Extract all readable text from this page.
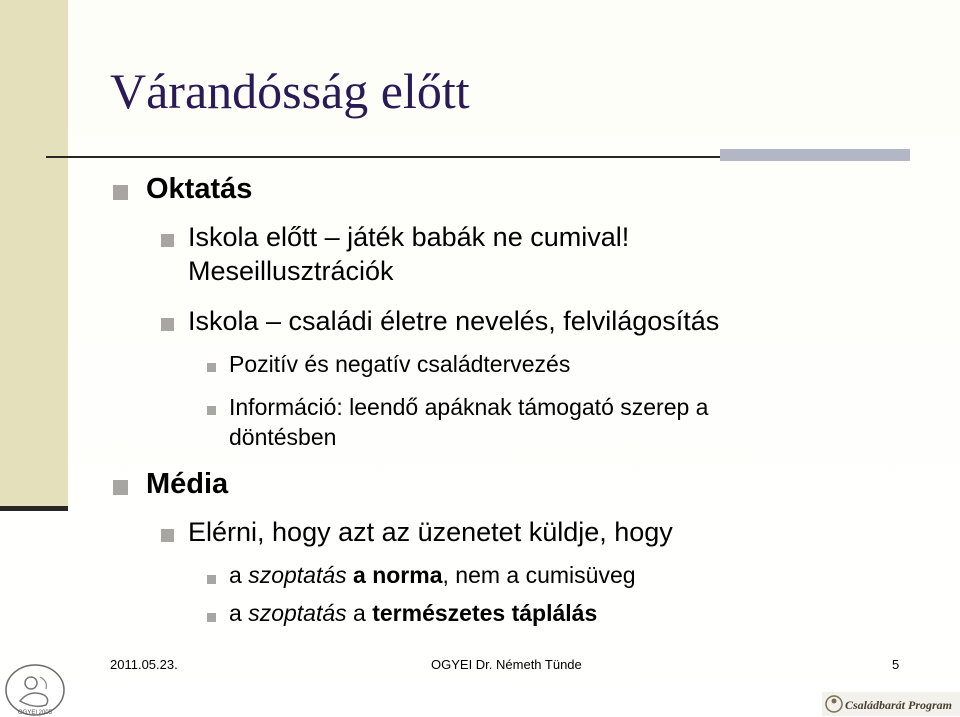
Várandósság előtt
Oktatás
Iskola előtt – játék babák ne cumival!
Meseillusztrációk
Iskola – családi életre nevelés, felvilágosítás
Pozitív és negatív családtervezés
Információ: leendő apáknak támogató szerep a
döntésben
Média
Elérni, hogy azt az üzenetet küldje, hogy
a szoptatás a norma, nem a cumisüveg
a szoptatás a természetes táplálás
2011.05.23.	OGYEI Dr. Németh Tünde	5
OGYEI 2005
Családbarát Program
